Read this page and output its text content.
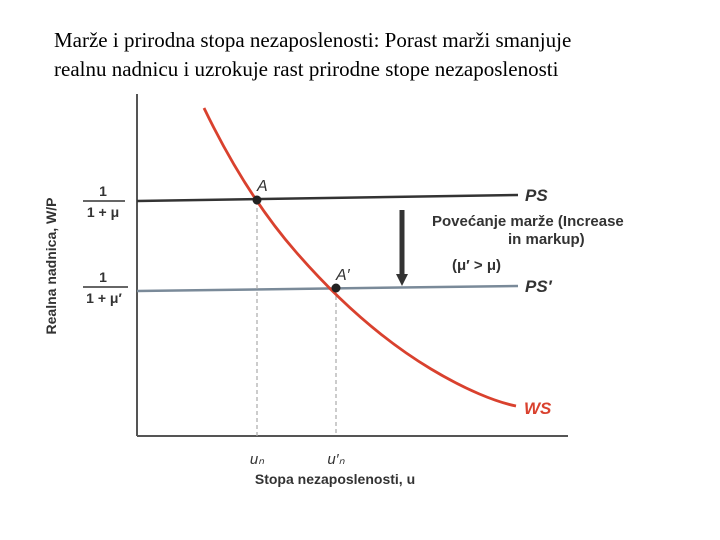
Marže i prirodna stopa nezaposlenosti: Porast marži smanjuje
realnu nadnicu i uzrokuje rast prirodne stope nezaposlenosti
Realna nadnica, W/P
1
1 + μ
1
1 + μ′
PS
PS′
WS
A
A′
uₙ	u′ₙ
Stopa nezaposlenosti, u
Povećanje marže (Increase
in markup)
(μ′ > μ)
